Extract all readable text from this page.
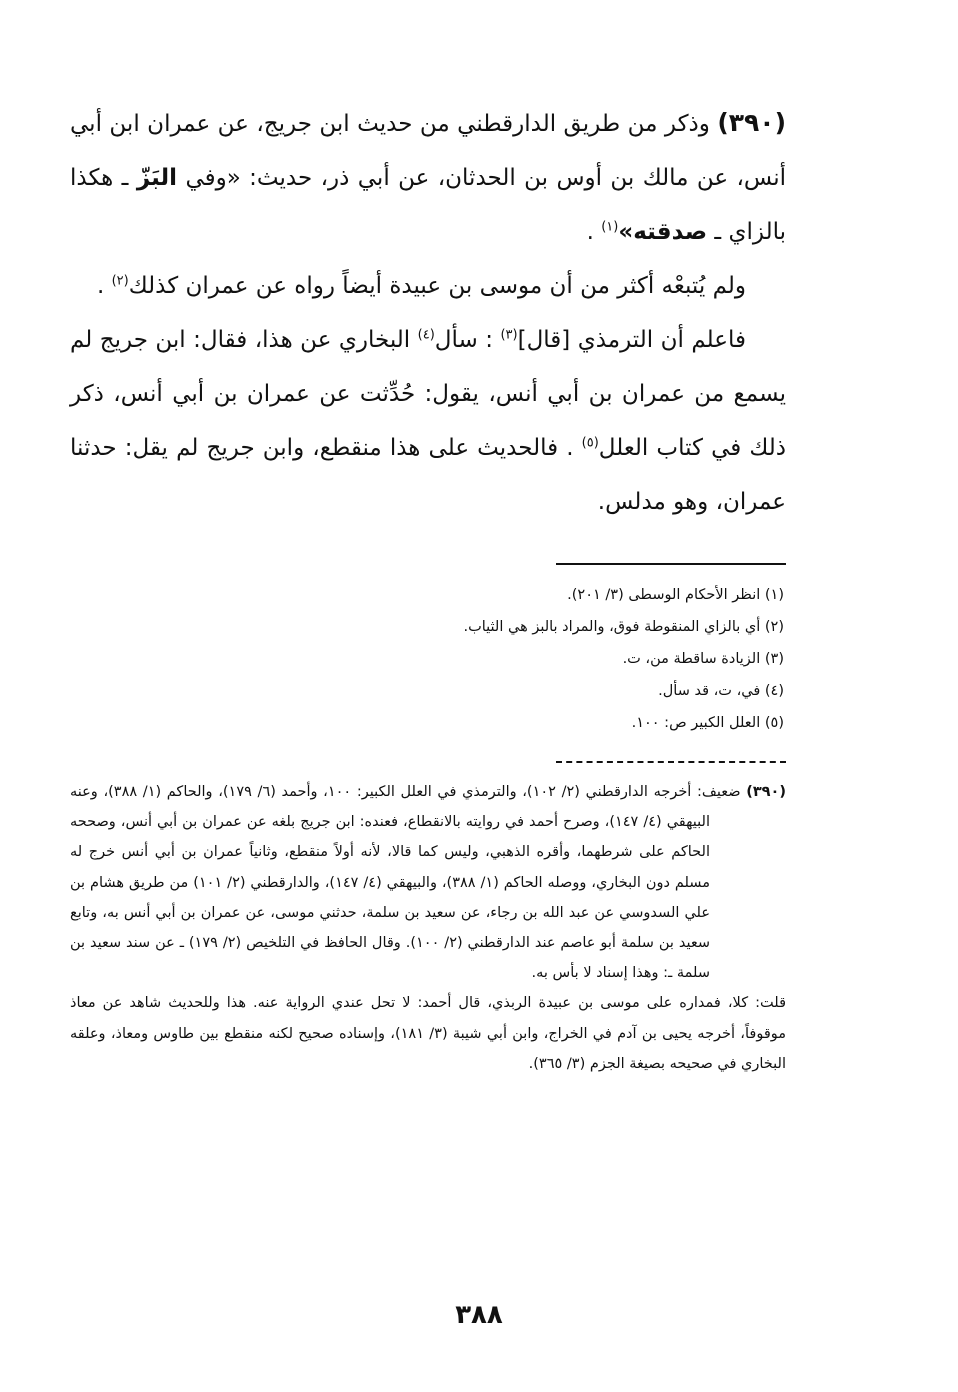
(٣٩٠) وذكر من طريق الدارقطني من حديث ابن جريج، عن عمران ابن أبي أنس، عن مالك بن أوس بن الحدثان، عن أبي ذر، حديث: «وفي البَزّ ـ هكذا بالزاي ـ صدقته»$^{(١)}$ .

ولم يُتبعْه أكثر من أن موسى بن عبيدة أيضاً رواه عن عمران كذلك$^{(٢)}$ .

فاعلم أن الترمذي [قال]$^{(٣)}$ : سأل$^{(٤)}$ البخاري عن هذا، فقال: ابن جريج لم يسمع من عمران بن أبي أنس، يقول: حُدِّثت عن عمران بن أبي أنس، ذكر ذلك في كتاب العلل$^{(٥)}$ . فالحديث على هذا منقطع، وابن جريج لم يقل: حدثنا عمران، وهو مدلس.

(١) انظر الأحكام الوسطى (٣/ ٢٠١).

(٢) أي بالزاي المنقوطة فوق، والمراد بالبز هي الثياب.

(٣) الزيادة ساقطة من، ت.

(٤) في، ت، قد سأل.

(٥) العلل الكبير ص: ١٠٠.

(٣٩٠) ضعيف: أخرجه الدارقطني (٢/ ١٠٢)، والترمذي في العلل الكبير: ١٠٠، وأحمد (٦/ ١٧٩)، والحاكم (١/ ٣٨٨)، وعنه البيهقي (٤/ ١٤٧)، وصرح أحمد في روايته بالانقطاع، فعنده: ابن جريج بلغه عن عمران بن أبي أنس، وصححه الحاكم على شرطهما، وأقره الذهبي، وليس كما قالا، لأنه أولاً منقطع، وثانياً عمران بن أبي أنس خرج له مسلم دون البخاري، ووصله الحاكم (١/ ٣٨٨)، والبيهقي (٤/ ١٤٧)، والدارقطني (٢/ ١٠١) من طريق هشام بن علي السدوسي عن عبد الله بن رجاء، عن سعيد بن سلمة، حدثني موسى، عن عمران بن أبي أنس به، وتابع سعيد بن سلمة أبو عاصم عند الدارقطني (٢/ ١٠٠). وقال الحافظ في التلخيص (٢/ ١٧٩) ـ عن سند سعيد بن سلمة ـ: وهذا إسناد لا بأس به.

قلت: كلا، فمداره على موسى بن عبيدة الربذي، قال أحمد: لا تحل عندي الرواية عنه. هذا وللحديث شاهد عن معاذ موقوفاً، أخرجه يحيى بن آدم في الخراج، وابن أبي شيبة (٣/ ١٨١)، وإسناده صحيح لكنه منقطع بين طاوس ومعاذ، وعلقه البخاري في صحيحه بصيغة الجزم (٣/ ٣٦٥).

٣٨٨
